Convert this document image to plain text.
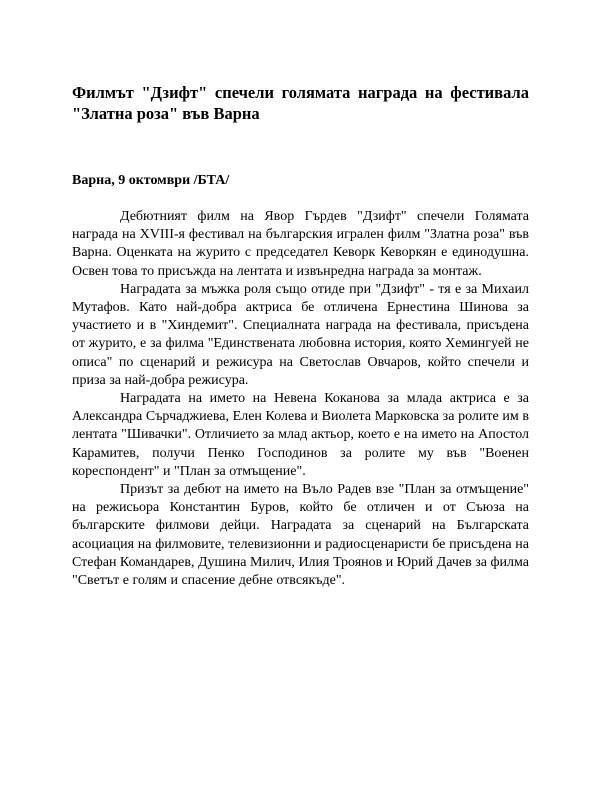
Филмът "Дзифт" спечели голямата награда на фестивала "Златна роза" във Варна
Варна, 9 октомври /БТА/

Дебютният филм на Явор Гърдев "Дзифт" спечели Голямата награда на XVIII-я фестивал на българския игрален филм "Златна роза" във Варна. Оценката на журито с председател Кеворк Кеворкян е единодушна. Освен това то присъжда на лентата и извънредна награда за монтаж.

Наградата за мъжка роля също отиде при "Дзифт" - тя е за Михаил Мутафов. Като най-добра актриса бе отличена Ернестина Шинова за участието и в "Хиндемит". Специалната награда на фестивала, присъдена от журито, е за филма "Единствената любовна история, която Хемингуей не описа" по сценарий и режисура на Светослав Овчаров, който спечели и приза за най-добра режисура.

Наградата на името на Невена Коканова за млада актриса е за Александра Сърчаджиева, Елен Колева и Виолета Марковска за ролите им в лентата "Шивачки". Отличието за млад актьор, което е на името на Апостол Карамитев, получи Пенко Господинов за ролите му във "Военен кореспондент" и "План за отмъщение".

Призът за дебют на името на Въло Радев взе "План за отмъщение" на режисьора Константин Буров, който бе отличен и от Съюза на българските филмови дейци. Наградата за сценарий на Българската асоциация на филмовите, телевизионни и радиосценаристи бе присъдена на Стефан Командарев, Душина Милич, Илия Троянов и Юрий Дачев за филма "Светът е голям и спасение дебне отвсякъде".
